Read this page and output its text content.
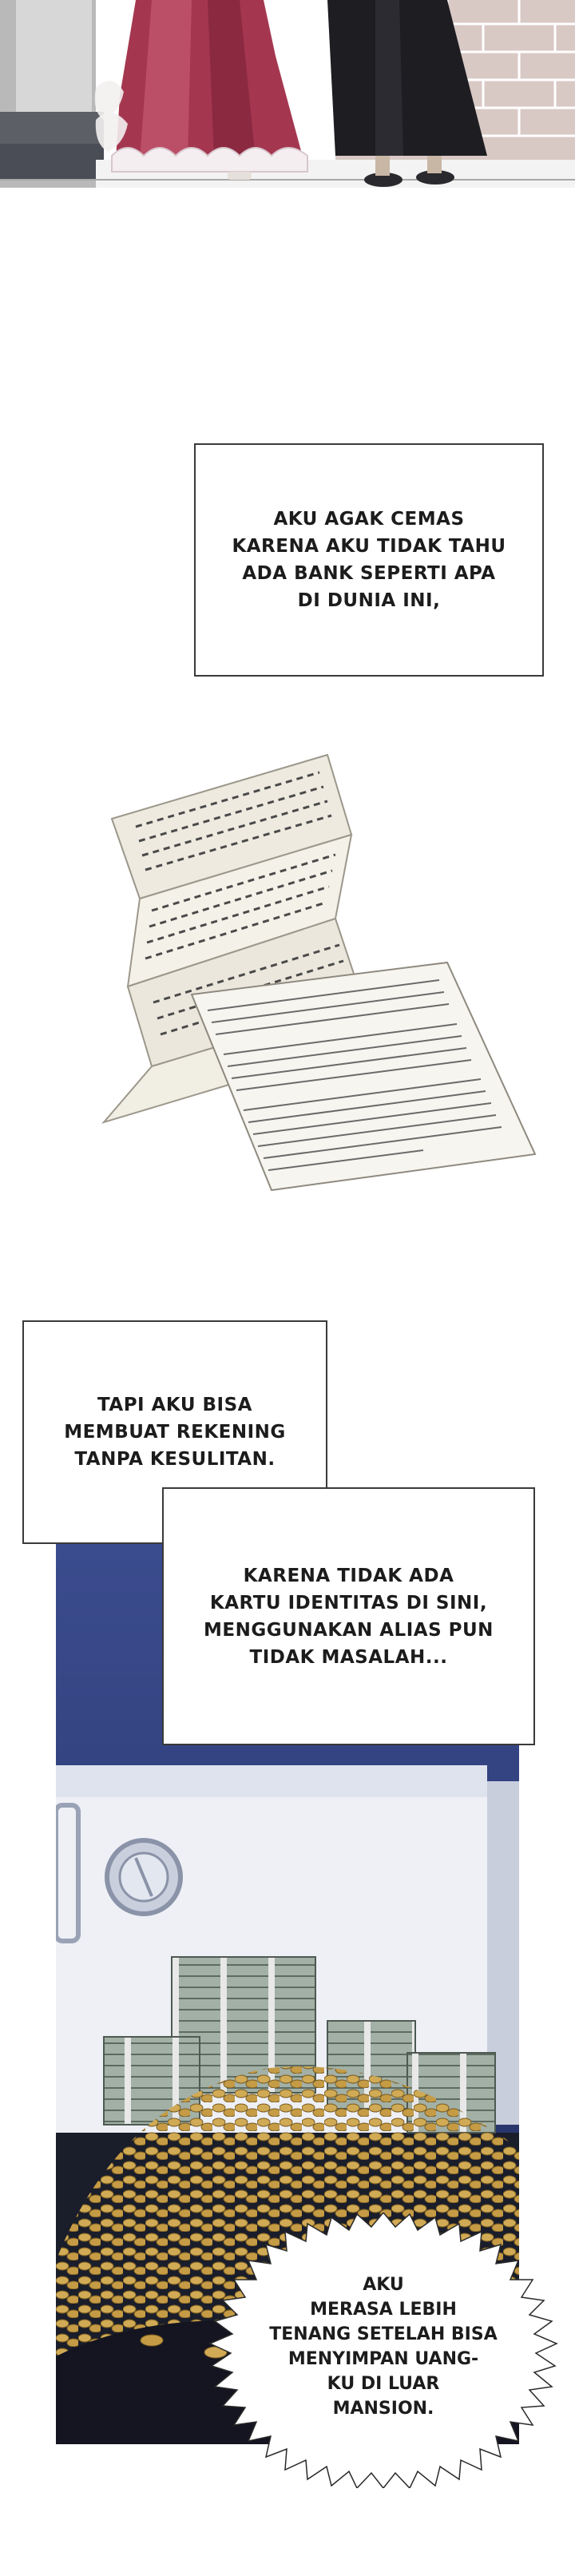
AKU AGAK CEMAS
KARENA AKU TIDAK TAHU
ADA BANK SEPERTI APA
DI DUNIA INI,
TAPI AKU BISA
MEMBUAT REKENING
TANPA KESULITAN.
KARENA TIDAK ADA
KARTU IDENTITAS DI SINI,
MENGGUNAKAN ALIAS PUN
TIDAK MASALAH...
AKU
MERASA LEBIH
TENANG SETELAH BISA
MENYIMPAN UANG-
KU DI LUAR
MANSION.
